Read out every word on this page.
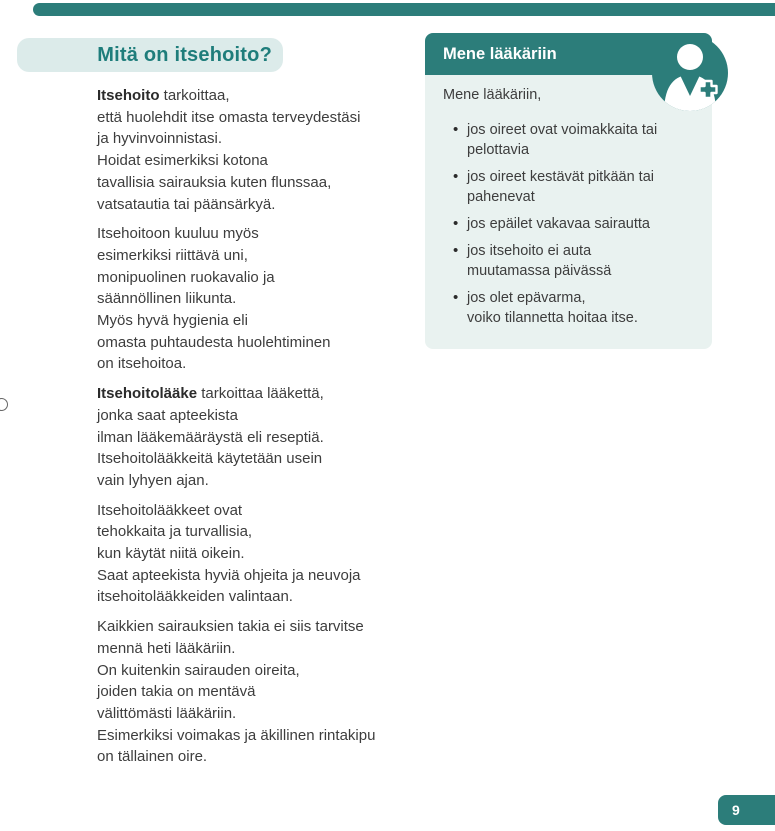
Mitä on itsehoito?

Itsehoito tarkoittaa,
että huolehdit itse omasta terveydestäsi
ja hyvinvoinnistasi.
Hoidat esimerkiksi kotona
tavallisia sairauksia kuten flunssaa,
vatsatautia tai päänsärkyä.

Itsehoitoon kuuluu myös
esimerkiksi riittävä uni,
monipuolinen ruokavalio ja
säännöllinen liikunta.
Myös hyvä hygienia eli
omasta puhtaudesta huolehtiminen
on itsehoitoa.

Itsehoitolääke tarkoittaa lääkettä,
jonka saat apteekista
ilman lääkemääräystä eli reseptiä.
Itsehoitolääkkeitä käytetään usein
vain lyhyen ajan.

Itsehoitolääkkeet ovat
tehokkaita ja turvallisia,
kun käytät niitä oikein.
Saat apteekista hyviä ohjeita ja neuvoja
itsehoitolääkkeiden valintaan.

Kaikkien sairauksien takia ei siis tarvitse
mennä heti lääkäriin.
On kuitenkin sairauden oireita,
joiden takia on mentävä
välittömästi lääkäriin.
Esimerkiksi voimakas ja äkillinen rintakipu
on tällainen oire.

Mene lääkäriin

Mene lääkäriin,

• jos oireet ovat voimakkaita tai
pelottavia
• jos oireet kestävät pitkään tai
pahenevat
• jos epäilet vakavaa sairautta
• jos itsehoito ei auta
muutamassa päivässä
• jos olet epävarma,
voiko tilannetta hoitaa itse.
9
